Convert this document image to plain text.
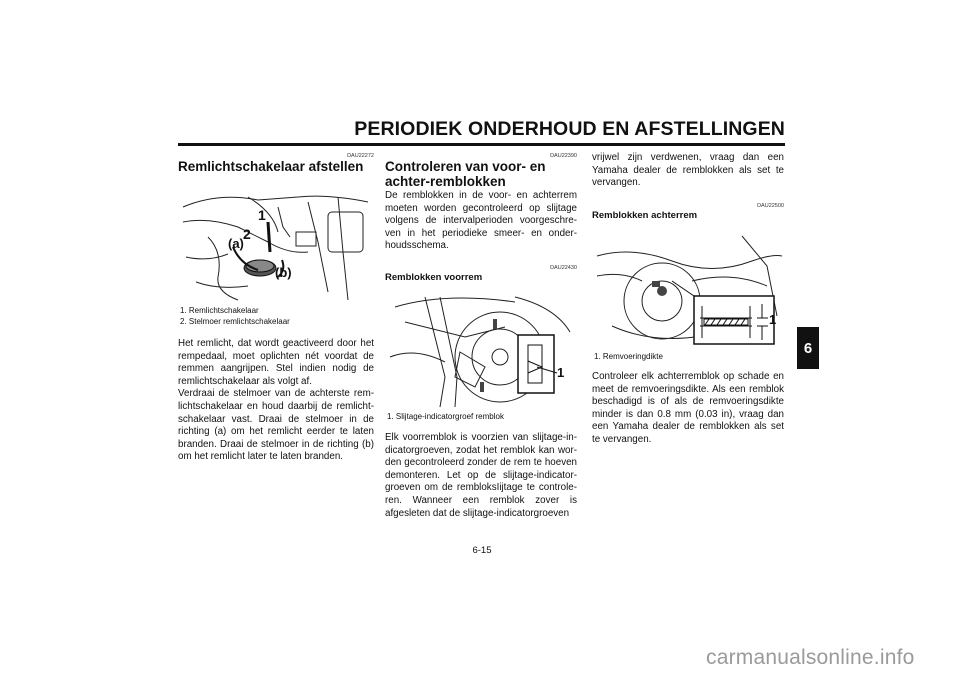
PERIODIEK ONDERHOUD EN AFSTELLINGEN
6
DAU22272
Remlichtschakelaar afstellen
1
2
(a)
(b)
1. Remlichtschakelaar
2. Stelmoer remlichtschakelaar
Het remlicht, dat wordt geactiveerd door het rempedaal, moet oplichten nét voordat de remmen aangrijpen. Stel indien nodig de remlichtschakelaar als volgt af.
Verdraai de stelmoer van de achterste rem-lichtschakelaar en houd daarbij de remlicht-schakelaar vast. Draai de stelmoer in de richting (a) om het remlicht eerder te laten branden. Draai de stelmoer in de richting (b) om het remlicht later te laten branden.
DAU22390
Controleren van voor- en achter-remblokken
De remblokken in de voor- en achterrem moeten worden gecontroleerd op slijtage volgens de intervalperioden voorgeschre-ven in het periodieke smeer- en onder-houdsschema.
DAU22430
Remblokken voorrem
1
1. Slijtage-indicatorgroef remblok
Elk voorremblok is voorzien van slijtage-in-dicatorgroeven, zodat het remblok kan wor-den gecontroleerd zonder de rem te hoeven demonteren. Let op de slijtage-indicator-groeven om de rembloksIijtage te controle-ren. Wanneer een remblok zover is afgesleten dat de slijtage-indicatorgroeven
vrijwel zijn verdwenen, vraag dan een Yamaha dealer de remblokken als set te vervangen.
DAU22500
Remblokken achterrem
1
1. Remvoeringdikte
Controleer elk achterremblok op schade en meet de remvoeringsdikte. Als een remblok beschadigd is of als de remvoeringsdikte minder is dan 0.8 mm (0.03 in), vraag dan een Yamaha dealer de remblokken als set te vervangen.
6-15
carmanualsonline.info
